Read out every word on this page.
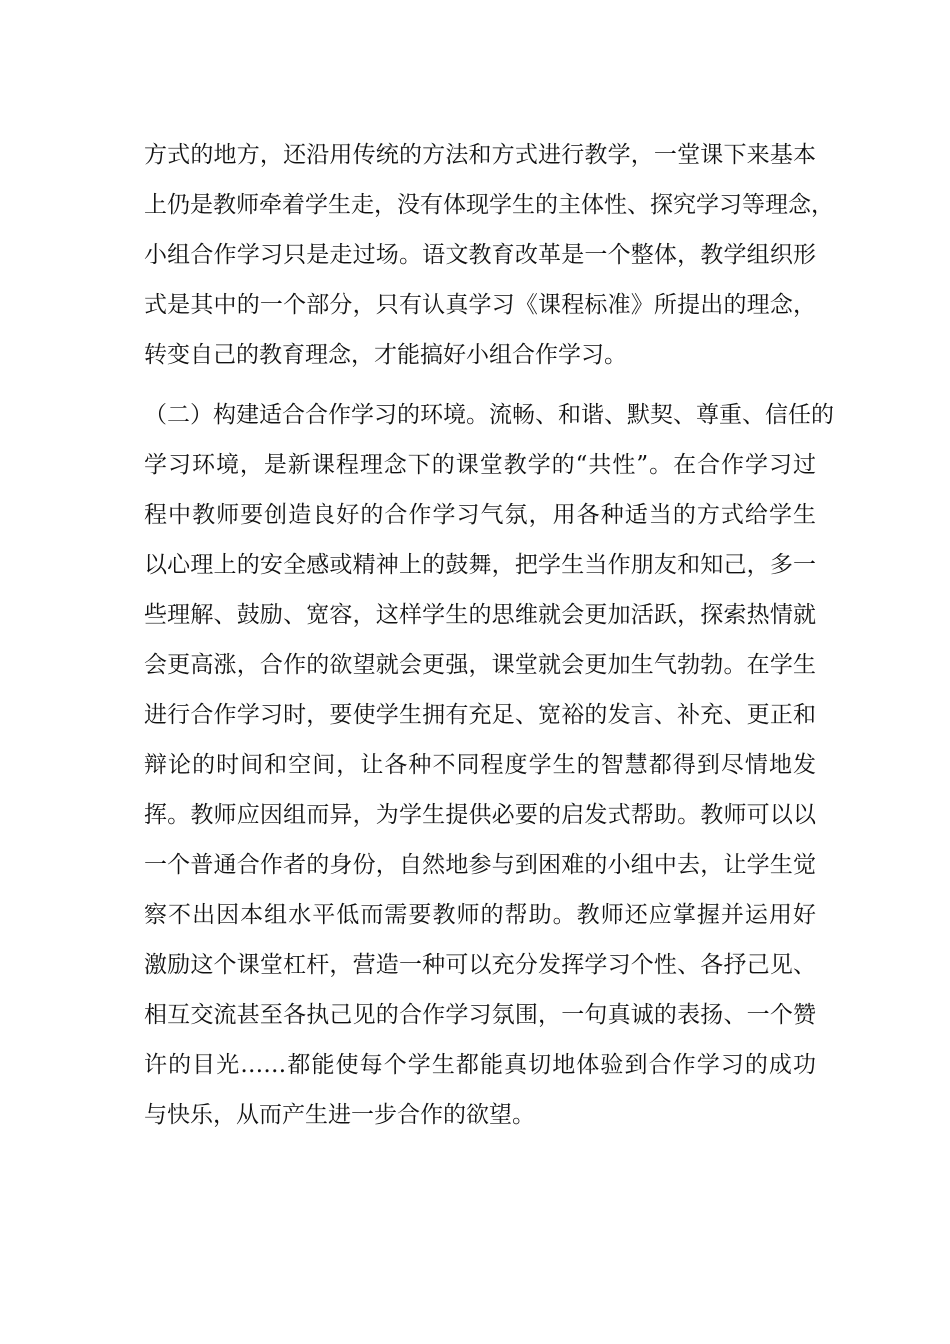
方式的地方，还沿用传统的方法和方式进行教学，一堂课下来基本
上仍是教师牵着学生走，没有体现学生的主体性、探究学习等理念，
小组合作学习只是走过场。语文教育改革是一个整体，教学组织形
式是其中的一个部分，只有认真学习《课程标准》所提出的理念，
转变自己的教育理念，才能搞好小组合作学习。
（二）构建适合合作学习的环境。流畅、和谐、默契、尊重、信任的
学习环境，是新课程理念下的课堂教学的“共性”。在合作学习过
程中教师要创造良好的合作学习气氛，用各种适当的方式给学生
以心理上的安全感或精神上的鼓舞，把学生当作朋友和知己，多一
些理解、鼓励、宽容，这样学生的思维就会更加活跃，探索热情就
会更高涨，合作的欲望就会更强，课堂就会更加生气勃勃。在学生
进行合作学习时，要使学生拥有充足、宽裕的发言、补充、更正和
辩论的时间和空间，让各种不同程度学生的智慧都得到尽情地发
挥。教师应因组而异，为学生提供必要的启发式帮助。教师可以以
一个普通合作者的身份，自然地参与到困难的小组中去，让学生觉
察不出因本组水平低而需要教师的帮助。教师还应掌握并运用好
激励这个课堂杠杆，营造一种可以充分发挥学习个性、各抒己见、
相互交流甚至各执己见的合作学习氛围，一句真诚的表扬、一个赞
许的目光……都能使每个学生都能真切地体验到合作学习的成功
与快乐，从而产生进一步合作的欲望。
